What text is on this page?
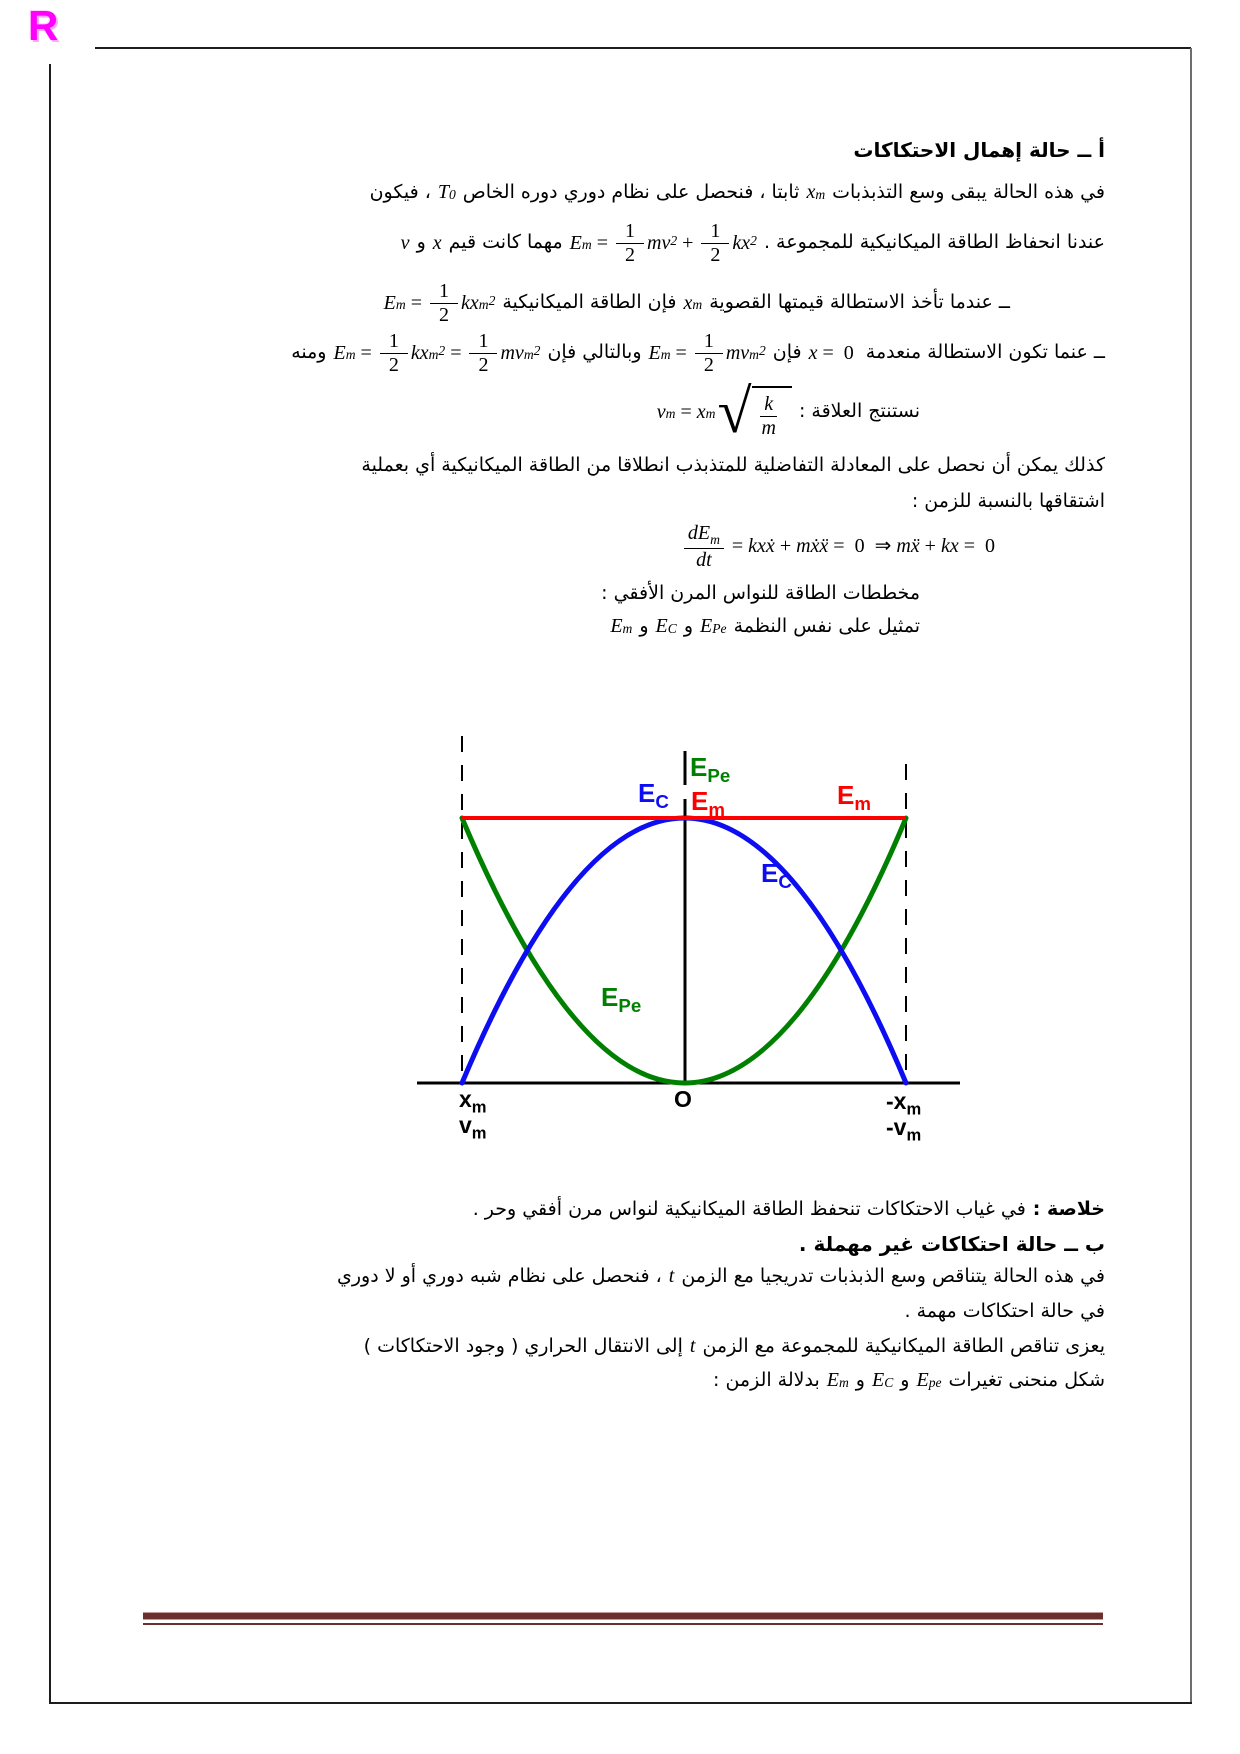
R
أ ــ حالة إهمال الاحتكاكات
في هذه الحالة يبقى وسع التذبذبات
x m
ثابتا ، فنحصل على نظام دوري دوره الخاص
T 0
، فيكون
عندنا انحفاظ الطاقة الميكانيكية للمجموعة .
E $m = \frac{1}{2}$ mv $2 + \frac{1}{2}$ kx 2
مهما كانت قيم
x
و
v
ــ عندما تأخذ الاستطالة قيمتها القصوية
x m
فإن الطاقة الميكانيكية
E $m = \frac{1}{2}$ kx $m^2$
ــ عنما تكون الاستطالة منعدمة
x = 0
فإن
E $m = \frac{1}{2}$ mv $m^2$
وبالتالي فإن
E $m = \frac{1}{2}$ kx $m^2 = \frac{1}{2}$ mv $m^2$
ومنه
نستنتج العلاقة :
v m = x m √ $\frac{k}{m}$
كذلك يمكن أن نحصل على المعادلة التفاضلية للمتذبذب انطلاقا من الطاقة الميكانيكية أي بعملية
اشتقاقها بالنسبة للزمن :
$dE_m$
dt
= kxẋ + mẋẍ = 0 ⇒ mẍ + kx = 0
مخططات الطاقة للنواس المرن الأفقي :
تمثيل على نفس النظمة
E Pe
و
E C
و
E m
$E_{Pe}$
$E_C$ $E_m$	$E_m$
$E_C$
$E_{Pe}$
$x_m$
$v_m$
O	$-x_m$
$-v_m$
خلاصة :
في غياب الاحتكاكات تنحفظ الطاقة الميكانيكية لنواس مرن أفقي وحر .
ب ــ حالة احتكاكات غير مهملة .
في هذه الحالة يتناقص وسع الذبذبات تدريجيا مع الزمن
t
، فنحصل على نظام شبه دوري أو لا دوري
في حالة احتكاكات مهمة .
يعزى تناقص الطاقة الميكانيكية للمجموعة مع الزمن
t
إلى الانتقال الحراري ( وجود الاحتكاكات )
شكل منحنى تغيرات
E pe
و
E C
و
E m
بدلالة الزمن :
